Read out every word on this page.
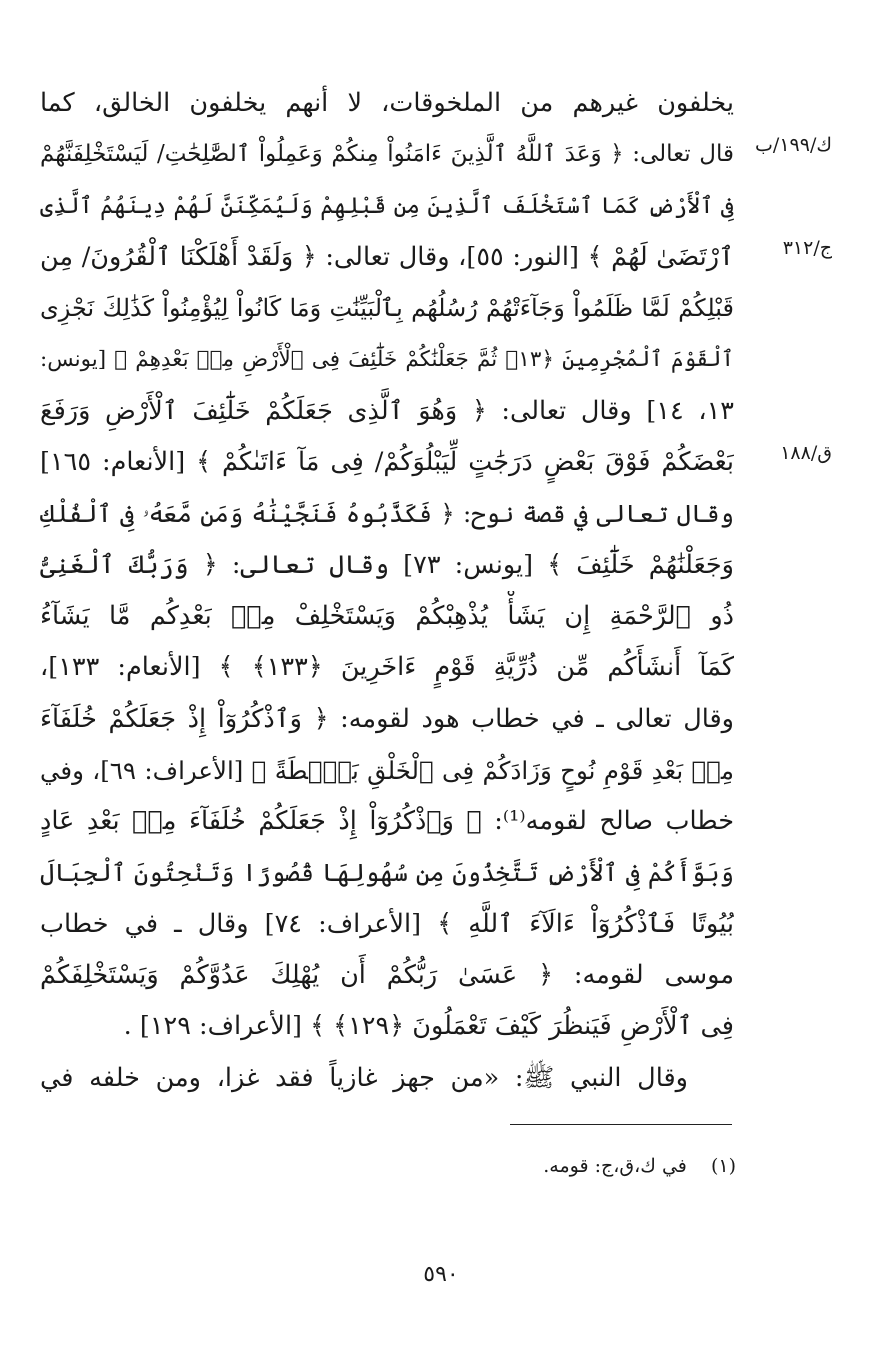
ك/١٩٩/ب
ج/٣١٢
ق/١٨٨
يخلفون غيرهم من الملخوقات، لا أنهم يخلفون الخالق، كما
قال تعالى: ﴿ وَعَدَ ٱللَّهُ ٱلَّذِينَ ءَامَنُواْ مِنكُمْ وَعَمِلُواْ ٱلصَّٰلِحَٰتِ/ لَيَسْتَخْلِفَنَّهُمْ
فِى ٱلْأَرْضِ كَمَا ٱسْتَخْلَفَ ٱلَّذِينَ مِن قَبْلِهِمْ وَلَيُمَكِّنَنَّ لَهُمْ دِينَهُمُ ٱلَّذِى
ٱرْتَضَىٰ لَهُمْ ﴾ [النور: ٥٥]، وقال تعالى: ﴿ وَلَقَدْ أَهْلَكْنَا ٱلْقُرُونَ/ مِن
قَبْلِكُمْ لَمَّا ظَلَمُواْ وَجَآءَتْهُمْ رُسُلُهُم بِٱلْبَيِّنَٰتِ وَمَا كَانُواْ لِيُؤْمِنُواْ كَذَٰلِكَ نَجْزِى
ٱلْقَوْمَ ٱلْمُجْرِمِينَ ﴿١٣﴾ ثُمَّ جَعَلْنَٰكُمْ خَلَٰٓئِفَ فِى ٱلْأَرْضِ مِنۢ بَعْدِهِمْ ﴾ [يونس:
١٣، ١٤] وقال تعالى: ﴿ وَهُوَ ٱلَّذِى جَعَلَكُمْ خَلَٰٓئِفَ ٱلْأَرْضِ وَرَفَعَ
بَعْضَكُمْ فَوْقَ بَعْضٍ دَرَجَٰتٍ لِّيَبْلُوَكُمْ/ فِى مَآ ءَاتَىٰكُمْ ﴾ [الأنعام: ١٦٥]
وقال تعالى في قصة نوح: ﴿ فَكَذَّبُوهُ فَنَجَّيْنَٰهُ وَمَن مَّعَهُۥ فِى ٱلْفُلْكِ
وَجَعَلْنَٰهُمْ خَلَٰٓئِفَ ﴾ [يونس: ٧٣] وقال تعالى: ﴿ وَرَبُّكَ ٱلْغَنِىُّ
ذُو ٱلرَّحْمَةِ إِن يَشَأْ يُذْهِبْكُمْ وَيَسْتَخْلِفْ مِنۢ بَعْدِكُم مَّا يَشَآءُ
كَمَآ أَنشَأَكُم مِّن ذُرِّيَّةِ قَوْمٍ ءَاخَرِينَ ﴿١٣٣﴾ ﴾ [الأنعام: ١٣٣]،
وقال تعالى ـ في خطاب هود لقومه: ﴿ وَٱذْكُرُوٓاْ إِذْ جَعَلَكُمْ خُلَفَآءَ
مِنۢ بَعْدِ قَوْمِ نُوحٍ وَزَادَكُمْ فِى ٱلْخَلْقِ بَصْۜطَةً ﴾ [الأعراف: ٦٩]، وفي
خطاب صالح لقومه⁽¹⁾: ﴿ وَٱذْكُرُوٓاْ إِذْ جَعَلَكُمْ خُلَفَآءَ مِنۢ بَعْدِ عَادٍ
وَبَوَّأَكُمْ فِى ٱلْأَرْضِ تَتَّخِذُونَ مِن سُهُولِهَا قُصُورًا وَتَنْحِتُونَ ٱلْجِبَالَ
بُيُوتًا فَٱذْكُرُوٓاْ ءَالَآءَ ٱللَّهِ ﴾ [الأعراف: ٧٤] وقال ـ في خطاب
موسى لقومه: ﴿ عَسَىٰ رَبُّكُمْ أَن يُهْلِكَ عَدُوَّكُمْ وَيَسْتَخْلِفَكُمْ
فِى ٱلْأَرْضِ فَيَنظُرَ كَيْفَ تَعْمَلُونَ ﴿١٢٩﴾ ﴾ [الأعراف: ١٢٩] .
وقال النبي ﷺ: «من جهز غازياً فقد غزا، ومن خلفه في
(١) في ك،ق،ج: قومه.
٥٩٠
